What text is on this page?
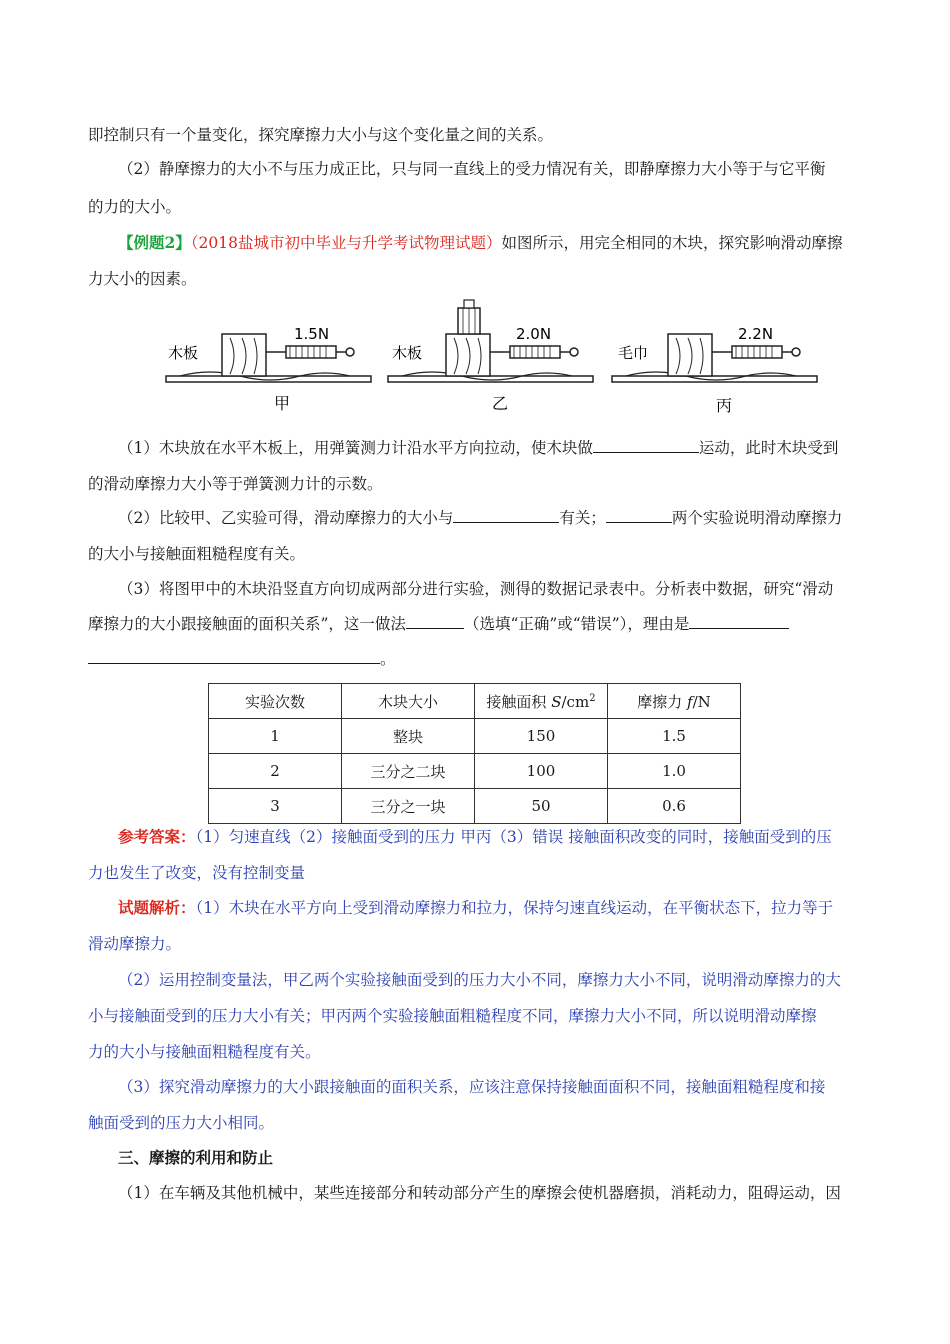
即控制只有一个量变化，探究摩擦力大小与这个变化量之间的关系。
（2）静摩擦力的大小不与压力成正比，只与同一直线上的受力情况有关，即静摩擦力大小等于与它平衡
的力的大小。
【例题2】（2018盐城市初中毕业与升学考试物理试题）如图所示，用完全相同的木块，探究影响滑动摩擦
力大小的因素。
1.5N
木板
甲
2.0N
木板
乙
2.2N
毛巾
丙
（1）木块放在水平木板上，用弹簧测力计沿水平方向拉动，使木块做	运动，此时木块受到
的滑动摩擦力大小等于弹簧测力计的示数。
（2）比较甲、乙实验可得，滑动摩擦力的大小与	有关；	两个实验说明滑动摩擦力
的大小与接触面粗糙程度有关。
（3）将图甲中的木块沿竖直方向切成两部分进行实验，测得的数据记录表中。分析表中数据，研究“滑动
摩擦力的大小跟接触面的面积关系”，这一做法	（选填“正确”或“错误”），理由是
。
实验次数	木块大小	接触面积 $S/cm^2$	摩擦力 f/N
1	整块	150	1.5
2	三分之二块	100	1.0
3	三分之一块	50	0.6
参考答案：（1）匀速直线（2）接触面受到的压力 甲丙（3）错误 接触面积改变的同时，接触面受到的压
力也发生了改变，没有控制变量
试题解析：（1）木块在水平方向上受到滑动摩擦力和拉力，保持匀速直线运动，在平衡状态下，拉力等于
滑动摩擦力。
（2）运用控制变量法，甲乙两个实验接触面受到的压力大小不同，摩擦力大小不同，说明滑动摩擦力的大
小与接触面受到的压力大小有关；甲丙两个实验接触面粗糙程度不同，摩擦力大小不同，所以说明滑动摩擦
力的大小与接触面粗糙程度有关。
（3）探究滑动摩擦力的大小跟接触面的面积关系，应该注意保持接触面面积不同，接触面粗糙程度和接
触面受到的压力大小相同。
三、摩擦的利用和防止
（1）在车辆及其他机械中，某些连接部分和转动部分产生的摩擦会使机器磨损，消耗动力，阻碍运动，因
